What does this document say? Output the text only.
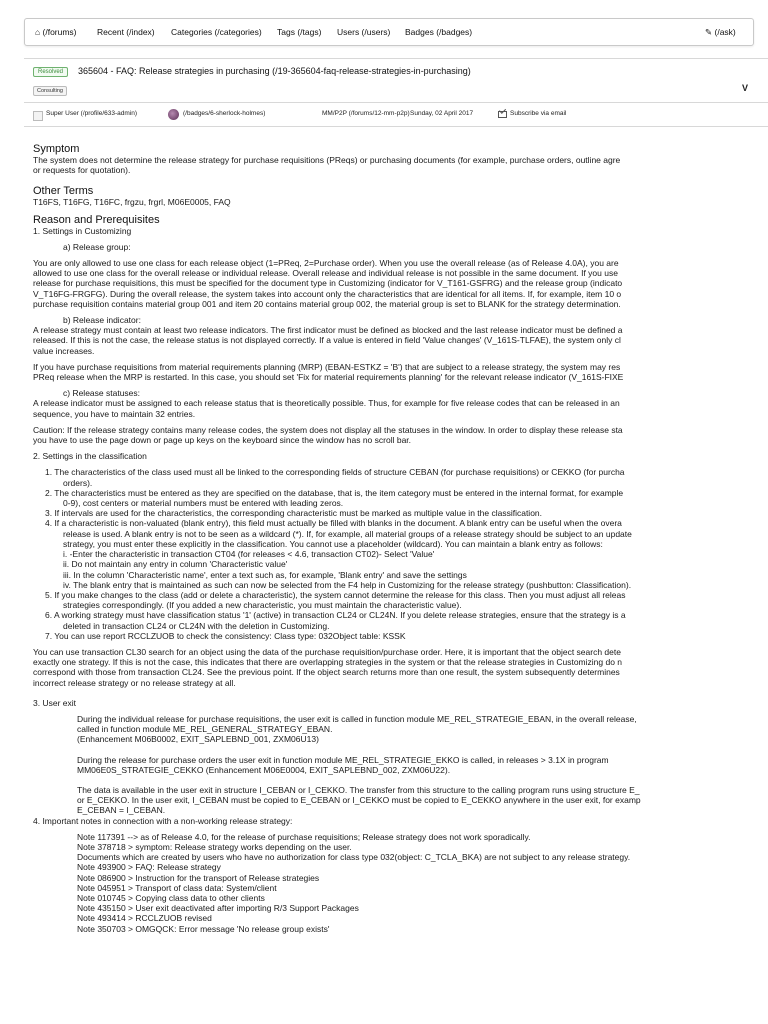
⌂ (/forums) Recent (/index) Categories (/categories) Tags (/tags) Users (/users) Badges (/badges)	✎ (/ask)
Resolved	365604 - FAQ: Release strategies in purchasing (/19-365604-faq-release-strategies-in-purchasing)
Consulting	V
Super User (/profile/633-admin)	(/badges/6-sherlock-holmes)	MM/P2P (/forums/12-mm-p2p) Sunday, 02 April 2017	Subscribe via email
Symptom
The system does not determine the release strategy for purchase requisitions (PReqs) or purchasing documents (for example, purchase orders, outline agre
or requests for quotation).
Other Terms
T16FS, T16FG, T16FC, frgzu, frgrl, M06E0005, FAQ
Reason and Prerequisites
1. Settings in Customizing
a) Release group:
You are only allowed to use one class for each release object (1=PReq, 2=Purchase order). When you use the overall release (as of Release 4.0A), you are
allowed to use one class for the overall release or individual release. Overall release and individual release is not possible in the same document. If you use
release for purchase requisitions, this must be specified for the document type in Customizing (indicator for V_T161-GSFRG) and the release group (indicato
V_T16FG-FRGFG). During the overall release, the system takes into account only the characteristics that are identical for all items. If, for example, item 10 o
purchase requisition contains material group 001 and item 20 contains material group 002, the material group is set to BLANK for the strategy determination.
b) Release indicator:
A release strategy must contain at least two release indicators. The first indicator must be defined as blocked and the last release indicator must be defined a
released. If this is not the case, the release status is not displayed correctly. If a value is entered in field 'Value changes' (V_161S-TLFAE), the system only cl
value increases.
If you have purchase requisitions from material requirements planning (MRP) (EBAN-ESTKZ = 'B') that are subject to a release strategy, the system may res
PReq release when the MRP is restarted. In this case, you should set 'Fix for material requirements planning' for the relevant release indicator (V_161S-FIXE
c) Release statuses:
A release indicator must be assigned to each release status that is theoretically possible. Thus, for example for five release codes that can be released in an
sequence, you have to maintain 32 entries.
Caution: If the release strategy contains many release codes, the system does not display all the statuses in the window. In order to display these release sta
you have to use the page down or page up keys on the keyboard since the window has no scroll bar.
2. Settings in the classification
1. The characteristics of the class used must all be linked to the corresponding fields of structure CEBAN (for purchase requisitions) or CEKKO (for purcha
orders).
2. The characteristics must be entered as they are specified on the database, that is, the item category must be entered in the internal format, for example
0-9), cost centers or material numbers must be entered with leading zeros.
3. If intervals are used for the characteristics, the corresponding characteristic must be marked as multiple value in the classification.
4. If a characteristic is non-valuated (blank entry), this field must actually be filled with blanks in the document. A blank entry can be useful when the overa
release is used. A blank entry is not to be seen as a wildcard (*). If, for example, all material groups of a release strategy should be subject to an update
strategy, you must enter these explicitly in the classification. You cannot use a placeholder (wildcard). You can maintain a blank entry as follows:
i. -Enter the characteristic in transaction CT04 (for releases < 4.6, transaction CT02)- Select 'Value'
ii. Do not maintain any entry in column 'Characteristic value'
iii. In the column 'Characteristic name', enter a text such as, for example, 'Blank entry' and save the settings
iv. The blank entry that is maintained as such can now be selected from the F4 help in Customizing for the release strategy (pushbutton: Classification).
5. If you make changes to the class (add or delete a characteristic), the system cannot determine the release for this class. Then you must adjust all releas
strategies correspondingly. (If you added a new characteristic, you must maintain the characteristic value).
6. A working strategy must have classification status '1' (active) in transaction CL24 or CL24N. If you delete release strategies, ensure that the strategy is a
deleted in transaction CL24 or CL24N with the deletion in Customizing.
7. You can use report RCCLZUOB to check the consistency: Class type: 032Object table: KSSK
You can use transaction CL30 search for an object using the data of the purchase requisition/purchase order. Here, it is important that the object search dete
exactly one strategy. If this is not the case, this indicates that there are overlapping strategies in the system or that the release strategies in Customizing do n
correspond with those from transaction CL24. See the previous point. If the object search returns more than one result, the system subsequently determines
incorrect release strategy or no release strategy at all.
3. User exit
During the individual release for purchase requisitions, the user exit is called in function module ME_REL_STRATEGIE_EBAN, in the overall release,
called in function module ME_REL_GENERAL_STRATEGY_EBAN.
(Enhancement M06B0002, EXIT_SAPLEBND_001, ZXM06U13)
During the release for purchase orders the user exit in function module ME_REL_STRATEGIE_EKKO is called, in releases > 3.1X in program
MM06E0S_STRATEGIE_CEKKO (Enhancement M06E0004, EXIT_SAPLEBND_002, ZXM06U22).
The data is available in the user exit in structure I_CEBAN or I_CEKKO. The transfer from this structure to the calling program runs using structure E_
or E_CEKKO. In the user exit, I_CEBAN must be copied to E_CEBAN or I_CEKKO must be copied to E_CEKKO anywhere in the user exit, for examp
E_CEBAN = I_CEBAN.
4. Important notes in connection with a non-working release strategy:
Note 117391 --> as of Release 4.0, for the release of purchase requisitions; Release strategy does not work sporadically.
Note 378718 > symptom: Release strategy works depending on the user.
Documents which are created by users who have no authorization for class type 032(object: C_TCLA_BKA) are not subject to any release strategy.
Note 493900 > FAQ: Release strategy
Note 086900 > Instruction for the transport of Release strategies
Note 045951 > Transport of class data: System/client
Note 010745 > Copying class data to other clients
Note 435150 > User exit deactivated after importing R/3 Support Packages
Note 493414 > RCCLZUOB revised
Note 350703 > OMGQCK: Error message 'No release group exists'
